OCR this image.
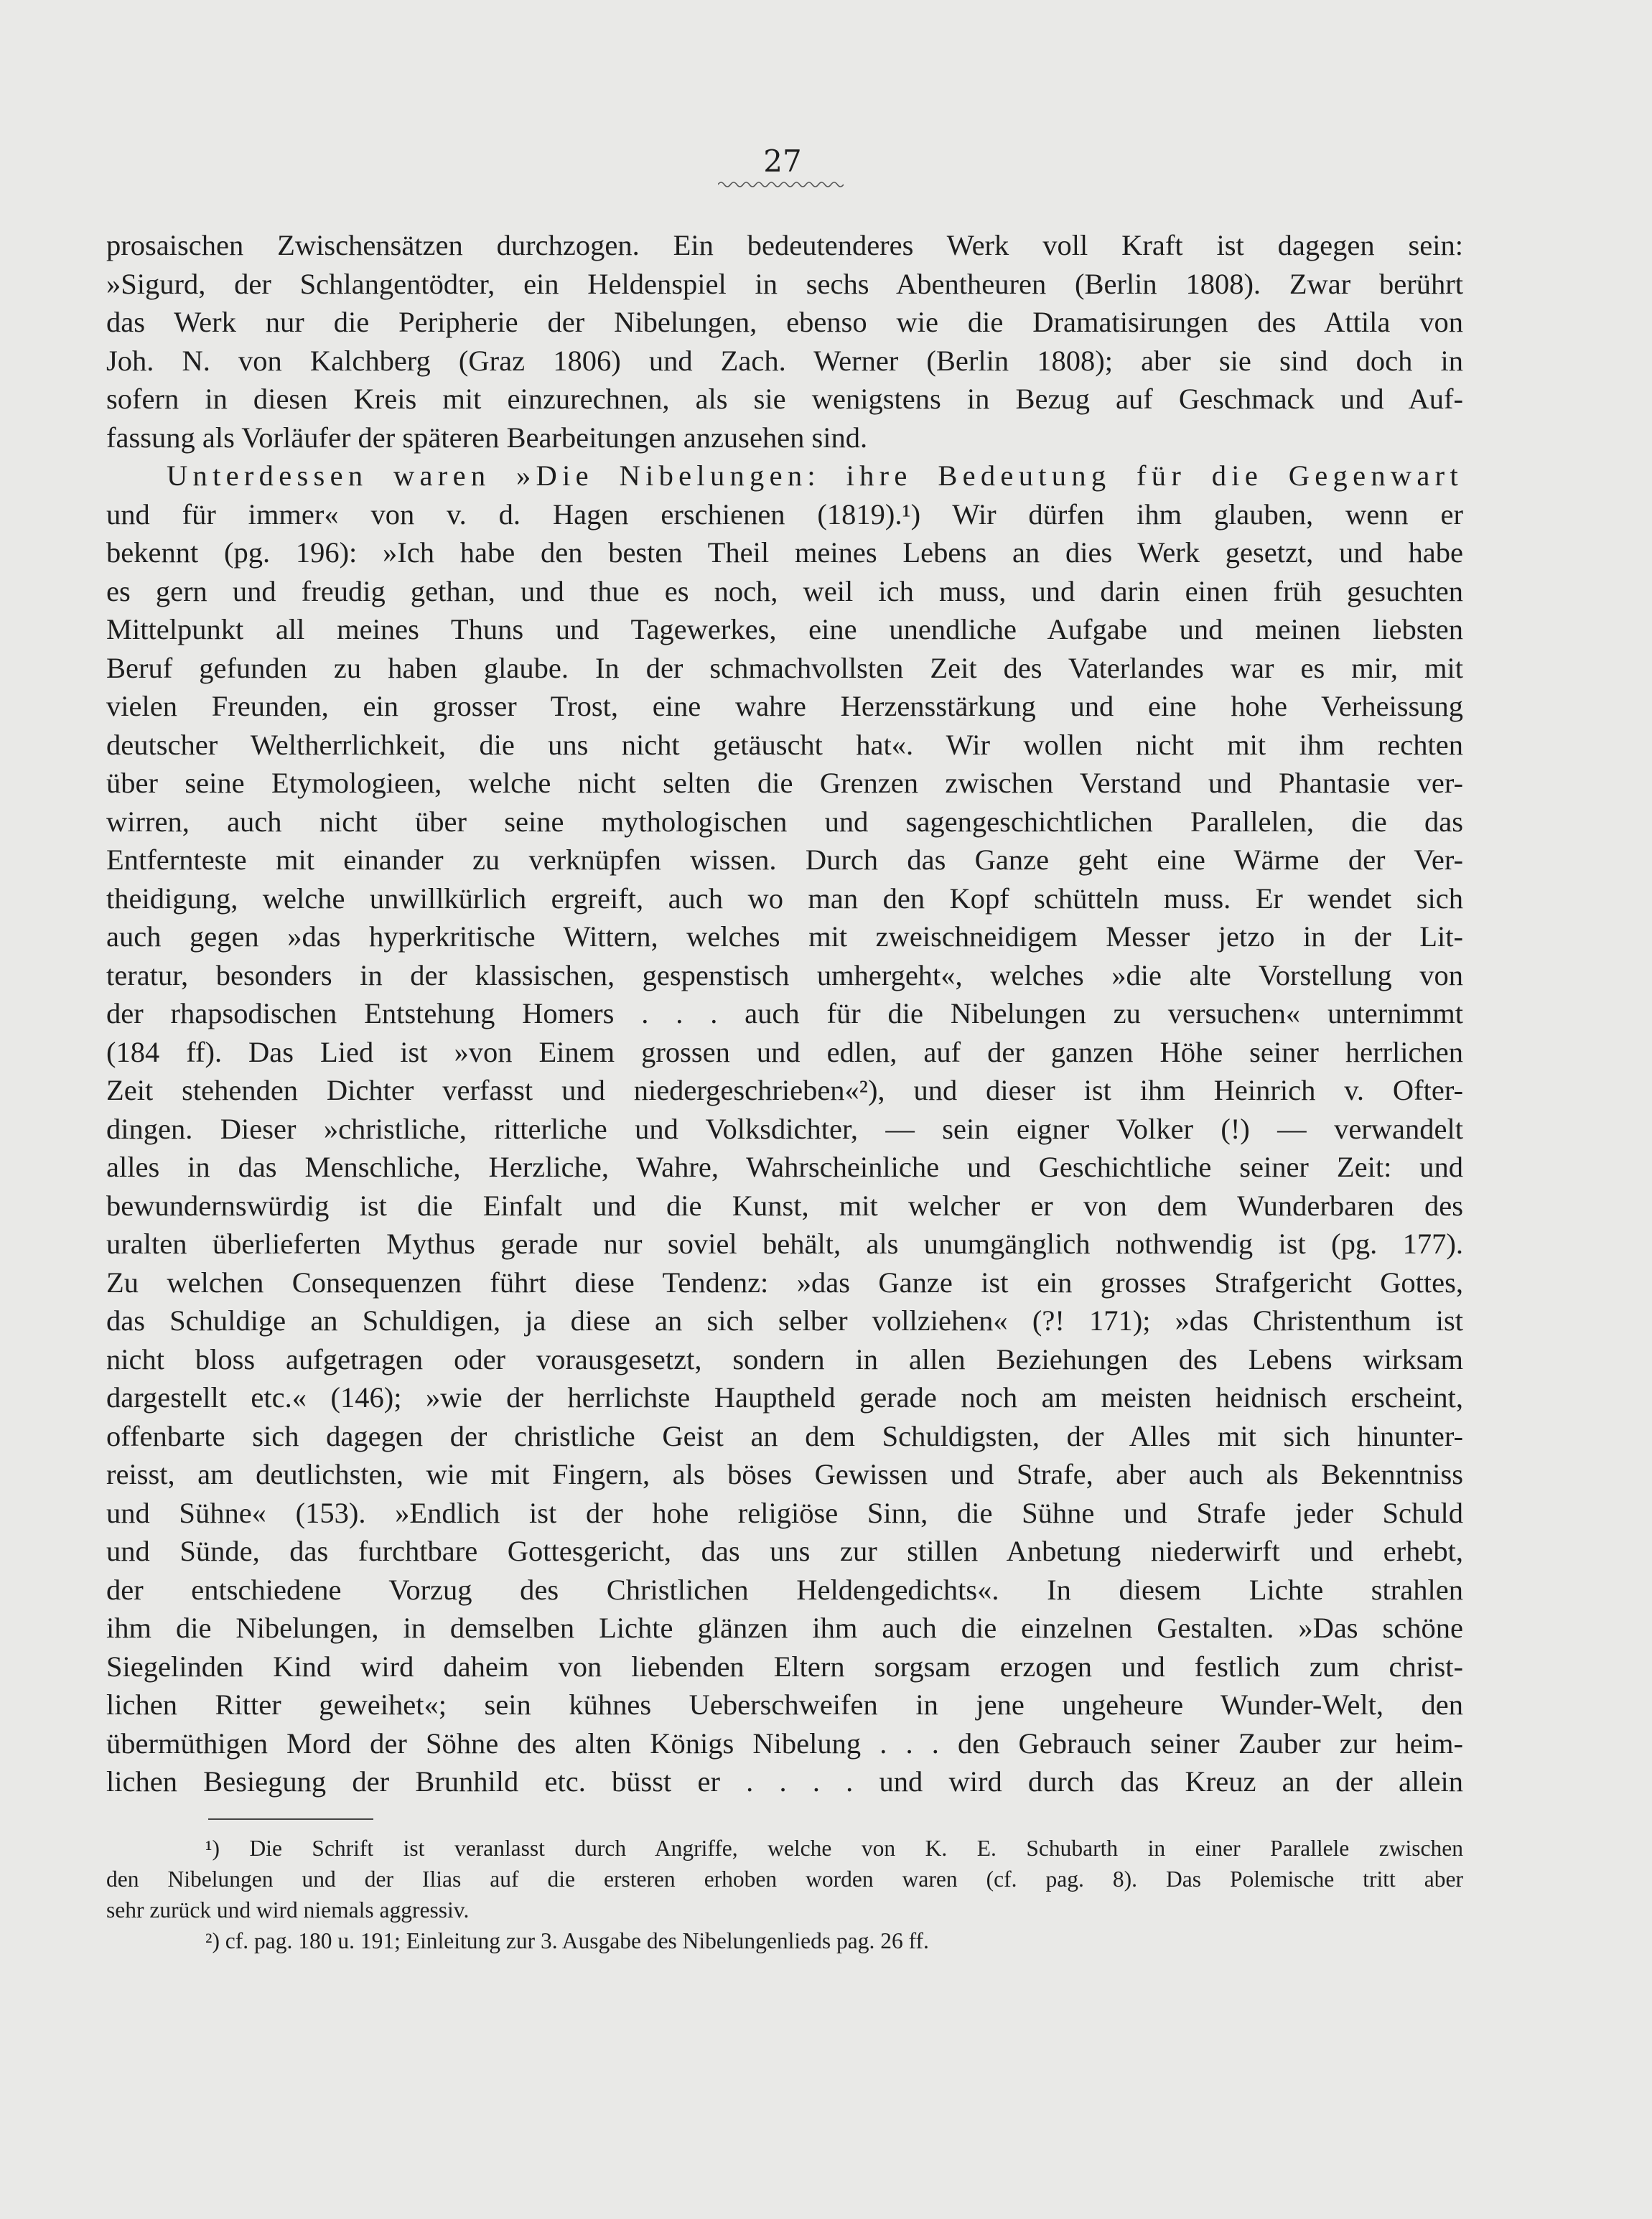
27
prosaischen Zwischensätzen durchzogen. Ein bedeutenderes Werk voll Kraft ist dagegen sein:
»Sigurd, der Schlangentödter, ein Heldenspiel in sechs Abentheuren (Berlin 1808). Zwar berührt
das Werk nur die Peripherie der Nibelungen, ebenso wie die Dramatisirungen des Attila von
Joh. N. von Kalchberg (Graz 1806) und Zach. Werner (Berlin 1808); aber sie sind doch in
sofern in diesen Kreis mit einzurechnen, als sie wenigstens in Bezug auf Geschmack und Auf-
fassung als Vorläufer der späteren Bearbeitungen anzusehen sind.
Unterdessen waren »Die Nibelungen: ihre Bedeutung für die Gegenwart
und für immer« von v. d. Hagen erschienen (1819).¹) Wir dürfen ihm glauben, wenn er
bekennt (pg. 196): »Ich habe den besten Theil meines Lebens an dies Werk gesetzt, und habe
es gern und freudig gethan, und thue es noch, weil ich muss, und darin einen früh gesuchten
Mittelpunkt all meines Thuns und Tagewerkes, eine unendliche Aufgabe und meinen liebsten
Beruf gefunden zu haben glaube. In der schmachvollsten Zeit des Vaterlandes war es mir, mit
vielen Freunden, ein grosser Trost, eine wahre Herzensstärkung und eine hohe Verheissung
deutscher Weltherrlichkeit, die uns nicht getäuscht hat«. Wir wollen nicht mit ihm rechten
über seine Etymologieen, welche nicht selten die Grenzen zwischen Verstand und Phantasie ver-
wirren, auch nicht über seine mythologischen und sagengeschichtlichen Parallelen, die das
Entfernteste mit einander zu verknüpfen wissen. Durch das Ganze geht eine Wärme der Ver-
theidigung, welche unwillkürlich ergreift, auch wo man den Kopf schütteln muss. Er wendet sich
auch gegen »das hyperkritische Wittern, welches mit zweischneidigem Messer jetzo in der Lit-
teratur, besonders in der klassischen, gespenstisch umhergeht«, welches »die alte Vorstellung von
der rhapsodischen Entstehung Homers . . . auch für die Nibelungen zu versuchen« unternimmt
(184 ff). Das Lied ist »von Einem grossen und edlen, auf der ganzen Höhe seiner herrlichen
Zeit stehenden Dichter verfasst und niedergeschrieben«²), und dieser ist ihm Heinrich v. Ofter-
dingen. Dieser »christliche, ritterliche und Volksdichter, — sein eigner Volker (!) — verwandelt
alles in das Menschliche, Herzliche, Wahre, Wahrscheinliche und Geschichtliche seiner Zeit: und
bewundernswürdig ist die Einfalt und die Kunst, mit welcher er von dem Wunderbaren des
uralten überlieferten Mythus gerade nur soviel behält, als unumgänglich nothwendig ist (pg. 177).
Zu welchen Consequenzen führt diese Tendenz: »das Ganze ist ein grosses Strafgericht Gottes,
das Schuldige an Schuldigen, ja diese an sich selber vollziehen« (?! 171); »das Christenthum ist
nicht bloss aufgetragen oder vorausgesetzt, sondern in allen Beziehungen des Lebens wirksam
dargestellt etc.« (146); »wie der herrlichste Hauptheld gerade noch am meisten heidnisch erscheint,
offenbarte sich dagegen der christliche Geist an dem Schuldigsten, der Alles mit sich hinunter-
reisst, am deutlichsten, wie mit Fingern, als böses Gewissen und Strafe, aber auch als Bekenntniss
und Sühne« (153). »Endlich ist der hohe religiöse Sinn, die Sühne und Strafe jeder Schuld
und Sünde, das furchtbare Gottesgericht, das uns zur stillen Anbetung niederwirft und erhebt,
der entschiedene Vorzug des Christlichen Heldengedichts«. In diesem Lichte strahlen
ihm die Nibelungen, in demselben Lichte glänzen ihm auch die einzelnen Gestalten. »Das schöne
Siegelinden Kind wird daheim von liebenden Eltern sorgsam erzogen und festlich zum christ-
lichen Ritter geweihet«; sein kühnes Ueberschweifen in jene ungeheure Wunder-Welt, den
übermüthigen Mord der Söhne des alten Königs Nibelung . . . den Gebrauch seiner Zauber zur heim-
lichen Besiegung der Brunhild etc. büsst er . . . . und wird durch das Kreuz an der allein
¹) Die Schrift ist veranlasst durch Angriffe, welche von K. E. Schubarth in einer Parallele zwischen
den Nibelungen und der Ilias auf die ersteren erhoben worden waren (cf. pag. 8). Das Polemische tritt aber
sehr zurück und wird niemals aggressiv.
²) cf. pag. 180 u. 191; Einleitung zur 3. Ausgabe des Nibelungenlieds pag. 26 ff.
